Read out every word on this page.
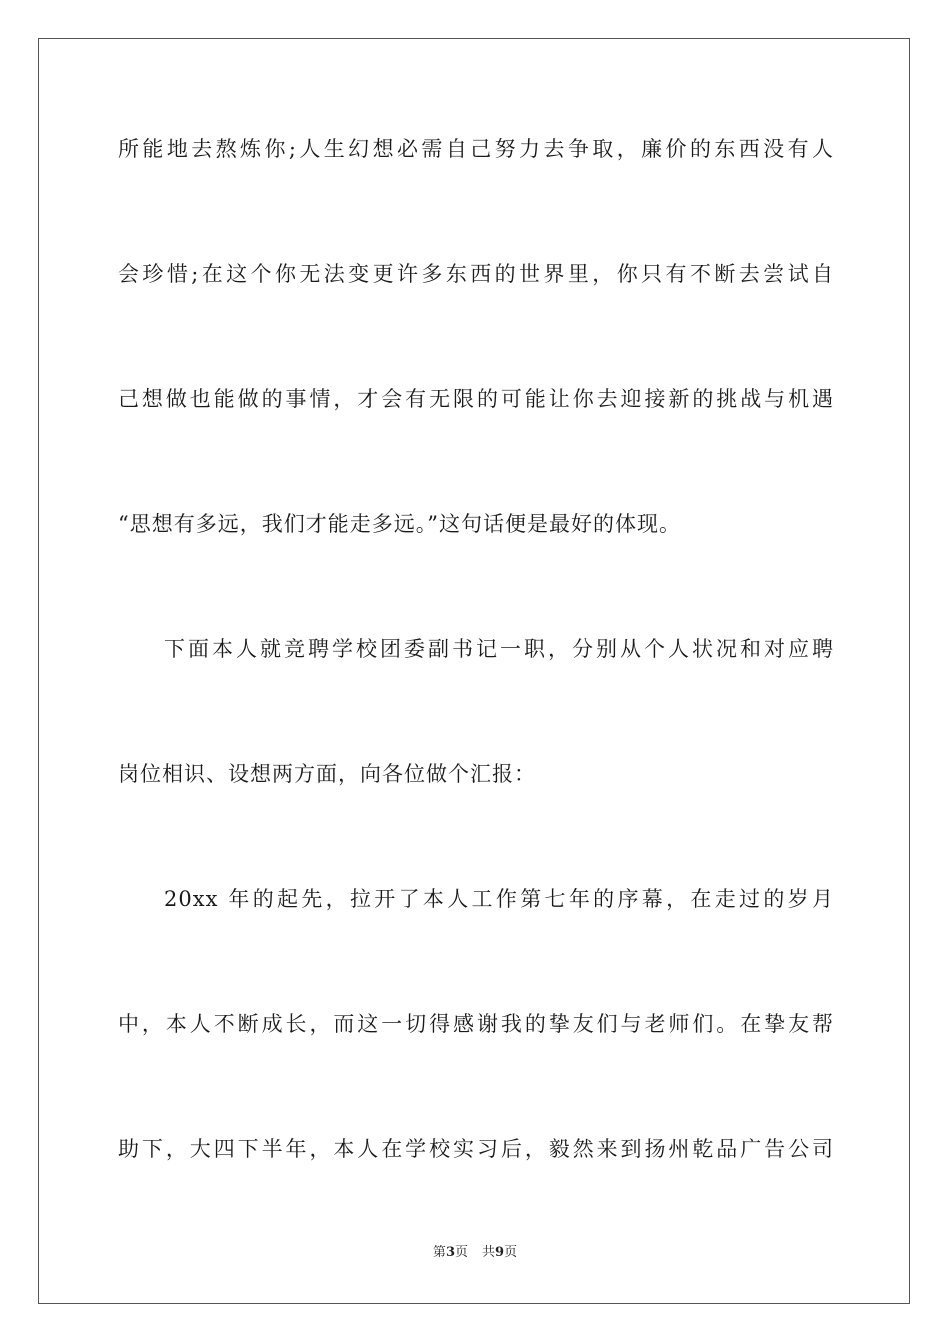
所能地去熬炼你;人生幻想必需自己努力去争取，廉价的东西没有人
会珍惜;在这个你无法变更许多东西的世界里，你只有不断去尝试自
己想做也能做的事情，才会有无限的可能让你去迎接新的挑战与机遇
“思想有多远，我们才能走多远。”这句话便是最好的体现。
下面本人就竞聘学校团委副书记一职，分别从个人状况和对应聘
岗位相识、设想两方面，向各位做个汇报：
20xx 年的起先，拉开了本人工作第七年的序幕，在走过的岁月
中，本人不断成长，而这一切得感谢我的挚友们与老师们。在挚友帮
助下，大四下半年，本人在学校实习后，毅然来到扬州乾品广告公司
第3页 共9页
